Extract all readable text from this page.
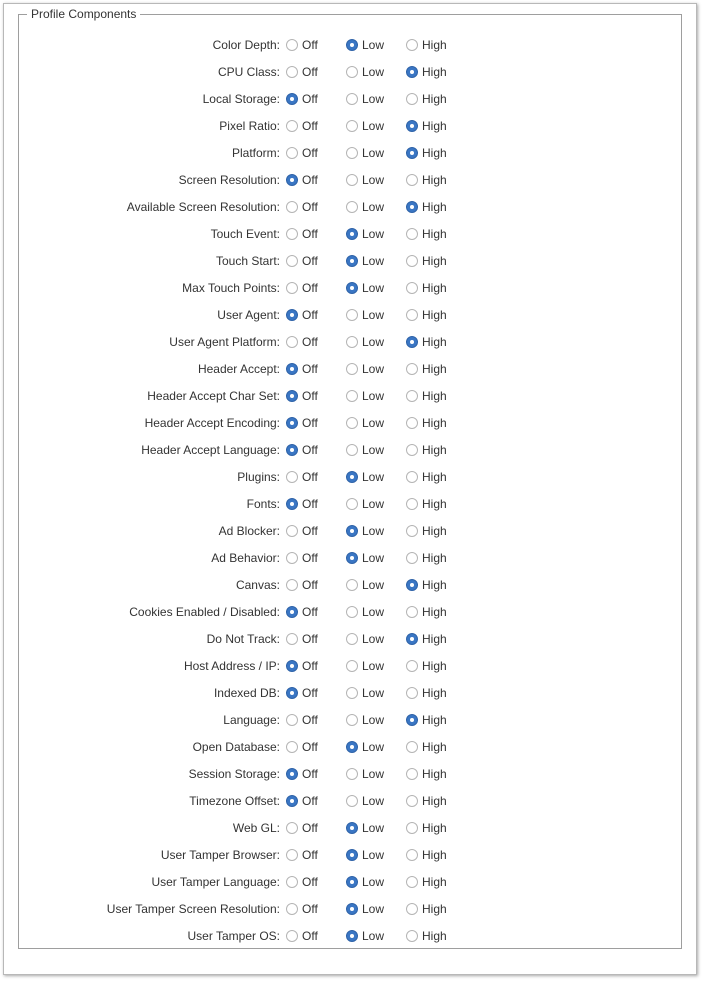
Profile Components
Color Depth:	Off	Low	High
CPU Class:	Off	Low	High
Local Storage:	Off	Low	High
Pixel Ratio:	Off	Low	High
Platform:	Off	Low	High
Screen Resolution:	Off	Low	High
Available Screen Resolution:	Off	Low	High
Touch Event:	Off	Low	High
Touch Start:	Off	Low	High
Max Touch Points:	Off	Low	High
User Agent:	Off	Low	High
User Agent Platform:	Off	Low	High
Header Accept:	Off	Low	High
Header Accept Char Set:	Off	Low	High
Header Accept Encoding:	Off	Low	High
Header Accept Language:	Off	Low	High
Plugins:	Off	Low	High
Fonts:	Off	Low	High
Ad Blocker:	Off	Low	High
Ad Behavior:	Off	Low	High
Canvas:	Off	Low	High
Cookies Enabled / Disabled:	Off	Low	High
Do Not Track:	Off	Low	High
Host Address / IP:	Off	Low	High
Indexed DB:	Off	Low	High
Language:	Off	Low	High
Open Database:	Off	Low	High
Session Storage:	Off	Low	High
Timezone Offset:	Off	Low	High
Web GL:	Off	Low	High
User Tamper Browser:	Off	Low	High
User Tamper Language:	Off	Low	High
User Tamper Screen Resolution:	Off	Low	High
User Tamper OS:	Off	Low	High
